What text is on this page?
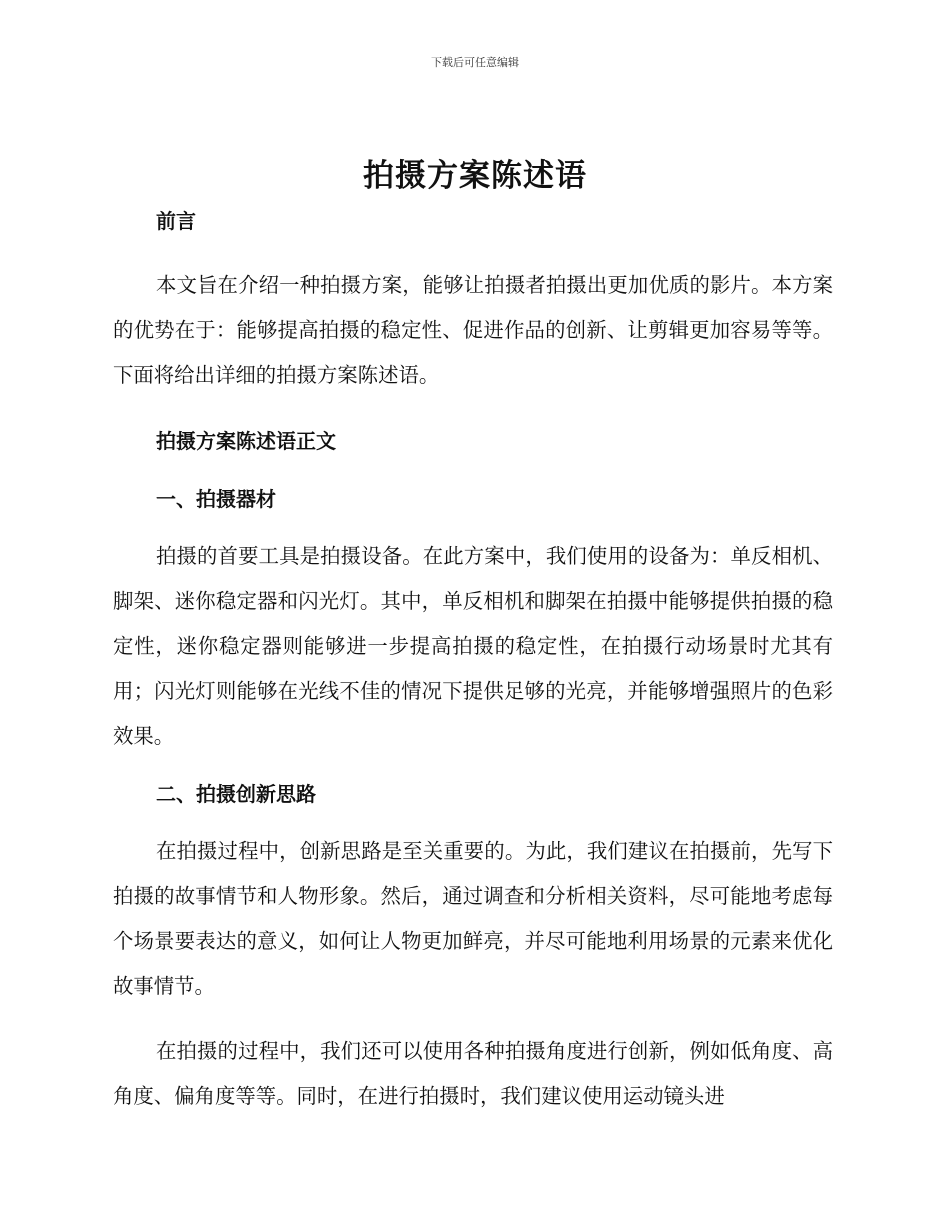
下载后可任意编辑
拍摄方案陈述语
前言

本文旨在介绍一种拍摄方案，能够让拍摄者拍摄出更加优质的影片。本方案的优势在于：能够提高拍摄的稳定性、促进作品的创新、让剪辑更加容易等等。下面将给出详细的拍摄方案陈述语。

拍摄方案陈述语正文
一、拍摄器材

拍摄的首要工具是拍摄设备。在此方案中，我们使用的设备为：单反相机、脚架、迷你稳定器和闪光灯。其中，单反相机和脚架在拍摄中能够提供拍摄的稳定性，迷你稳定器则能够进一步提高拍摄的稳定性，在拍摄行动场景时尤其有用；闪光灯则能够在光线不佳的情况下提供足够的光亮，并能够增强照片的色彩效果。

二、拍摄创新思路

在拍摄过程中，创新思路是至关重要的。为此，我们建议在拍摄前，先写下拍摄的故事情节和人物形象。然后，通过调查和分析相关资料，尽可能地考虑每个场景要表达的意义，如何让人物更加鲜亮，并尽可能地利用场景的元素来优化故事情节。

在拍摄的过程中，我们还可以使用各种拍摄角度进行创新，例如低角度、高角度、偏角度等等。同时，在进行拍摄时，我们建议使用运动镜头进
